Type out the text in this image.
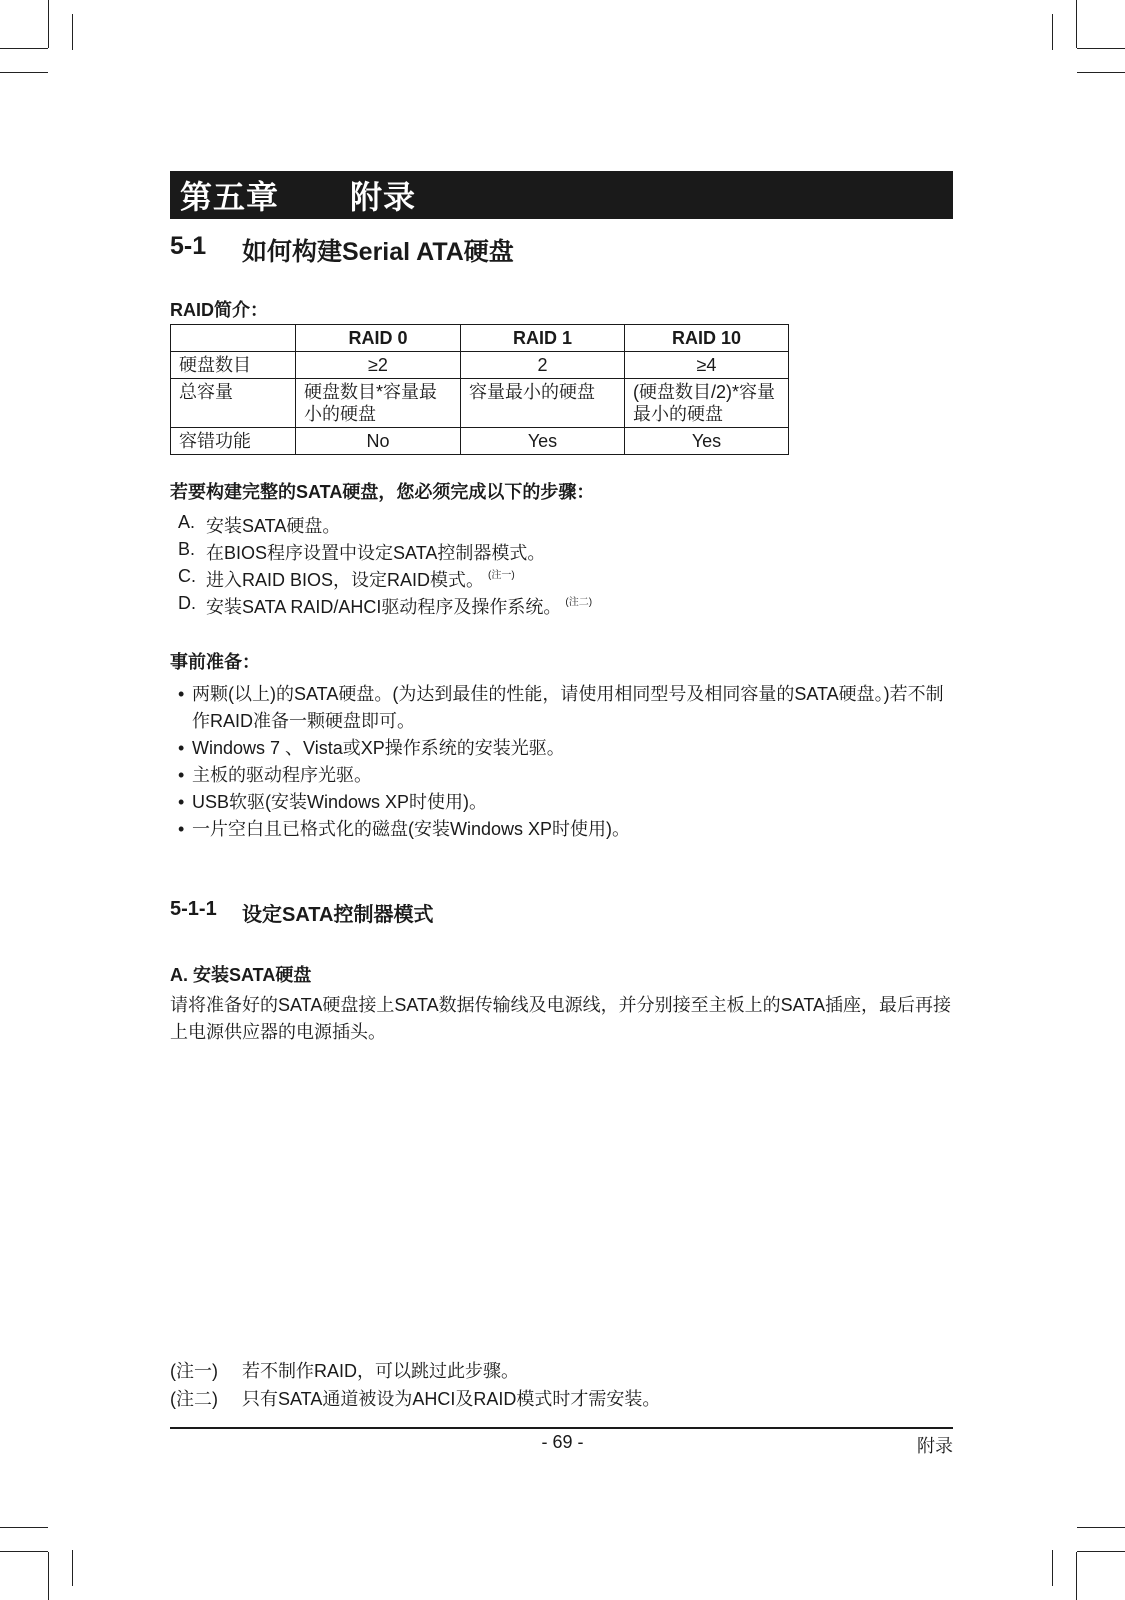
第五章	附录
5-1	如何构建Serial ATA硬盘
RAID简介：
	RAID 0	RAID 1	RAID 10
硬盘数目	≥2	2	≥4
总容量	硬盘数目*容量最小的硬盘	容量最小的硬盘	(硬盘数目/2)*容量最小的硬盘
容错功能	No	Yes	Yes
若要构建完整的SATA硬盘，您必须完成以下的步骤：
A. 安装SATA硬盘。
B. 在BIOS程序设置中设定SATA控制器模式。
C. 进入RAID BIOS，设定RAID模式。 (注一)
D. 安装SATA RAID/AHCI驱动程序及操作系统。 (注二)
事前准备：
• 两颗(以上)的SATA硬盘。(为达到最佳的性能，请使用相同型号及相同容量的SATA硬盘。)若不制作RAID准备一颗硬盘即可。
• Windows 7 、Vista或XP操作系统的安装光驱。
• 主板的驱动程序光驱。
• USB软驱(安装Windows XP时使用)。
• 一片空白且已格式化的磁盘(安装Windows XP时使用)。
5-1-1	设定SATA控制器模式
A. 安装SATA硬盘
请将准备好的SATA硬盘接上SATA数据传输线及电源线，并分别接至主板上的SATA插座，最后再接上电源供应器的电源插头。
(注一)	若不制作RAID，可以跳过此步骤。
(注二)	只有SATA通道被设为AHCI及RAID模式时才需安装。
- 69 -	附录
